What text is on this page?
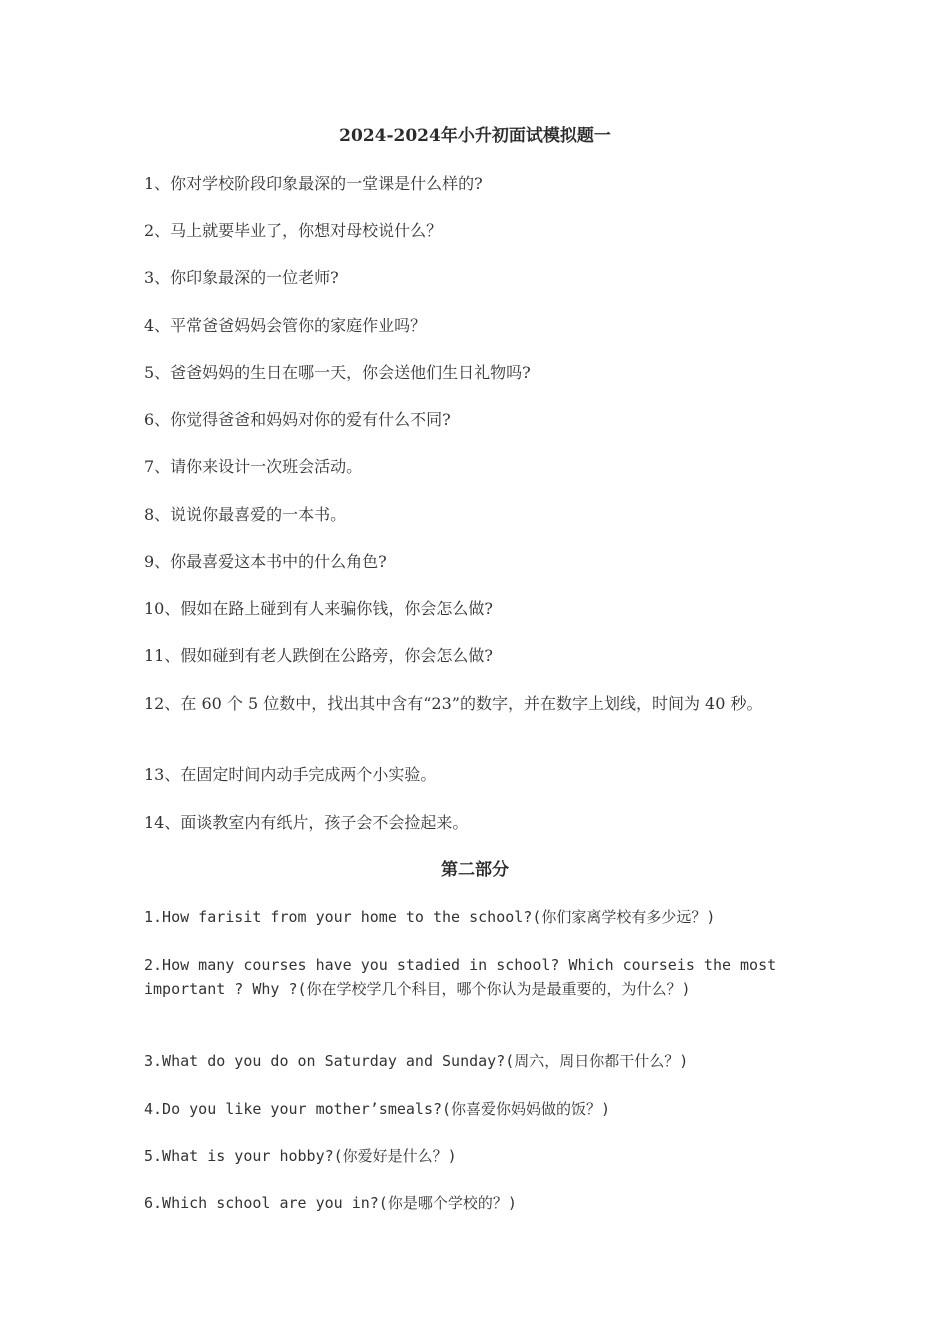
2024-2024年小升初面试模拟题一

1、你对学校阶段印象最深的一堂课是什么样的?

2、马上就要毕业了，你想对母校说什么？

3、你印象最深的一位老师?

4、平常爸爸妈妈会管你的家庭作业吗？

5、爸爸妈妈的生日在哪一天，你会送他们生日礼物吗?

6、你觉得爸爸和妈妈对你的爱有什么不同?

7、请你来设计一次班会活动。

8、说说你最喜爱的一本书。

9、你最喜爱这本书中的什么角色?

10、假如在路上碰到有人来骗你钱，你会怎么做?

11、假如碰到有老人跌倒在公路旁，你会怎么做?

12、在 60 个 5 位数中，找出其中含有“23”的数字，并在数字上划线，时间为 40 秒。

13、在固定时间内动手完成两个小实验。

14、面谈教室内有纸片，孩子会不会捡起来。

第二部分

1.How farisit from your home to the school?(你们家离学校有多少远？)

2.How many courses have you stadied in school? Which courseis the most important ? Why ?(你在学校学几个科目，哪个你认为是最重要的，为什么？)

3.What do you do on Saturday and Sunday?(周六，周日你都干什么？)

4.Do you like your mother’smeals?(你喜爱你妈妈做的饭？)

5.What is your hobby?(你爱好是什么？)

6.Which school are you in?(你是哪个学校的？)
